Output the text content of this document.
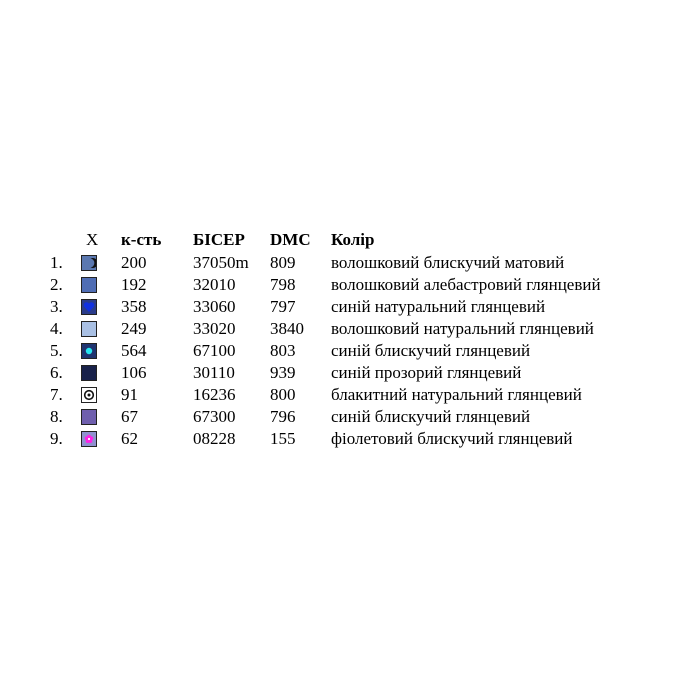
X к-сть БІСЕР DMC Колір
1.	200	37050m 809 волошковий блискучий матовий
2.	192	32010 798 волошковий алебастровий глянцевий
3.	358	33060 797 синій натуральний глянцевий
4.	249	33020 3840 волошковий натуральний глянцевий
5.	564	67100 803 синій блискучий глянцевий
6.	106	30110 939 синій прозорий глянцевий
7.	91	16236 800 блакитний натуральний глянцевий
8.	67	67300 796 синій блискучий глянцевий
9.	62	08228 155 фіолетовий блискучий глянцевий
